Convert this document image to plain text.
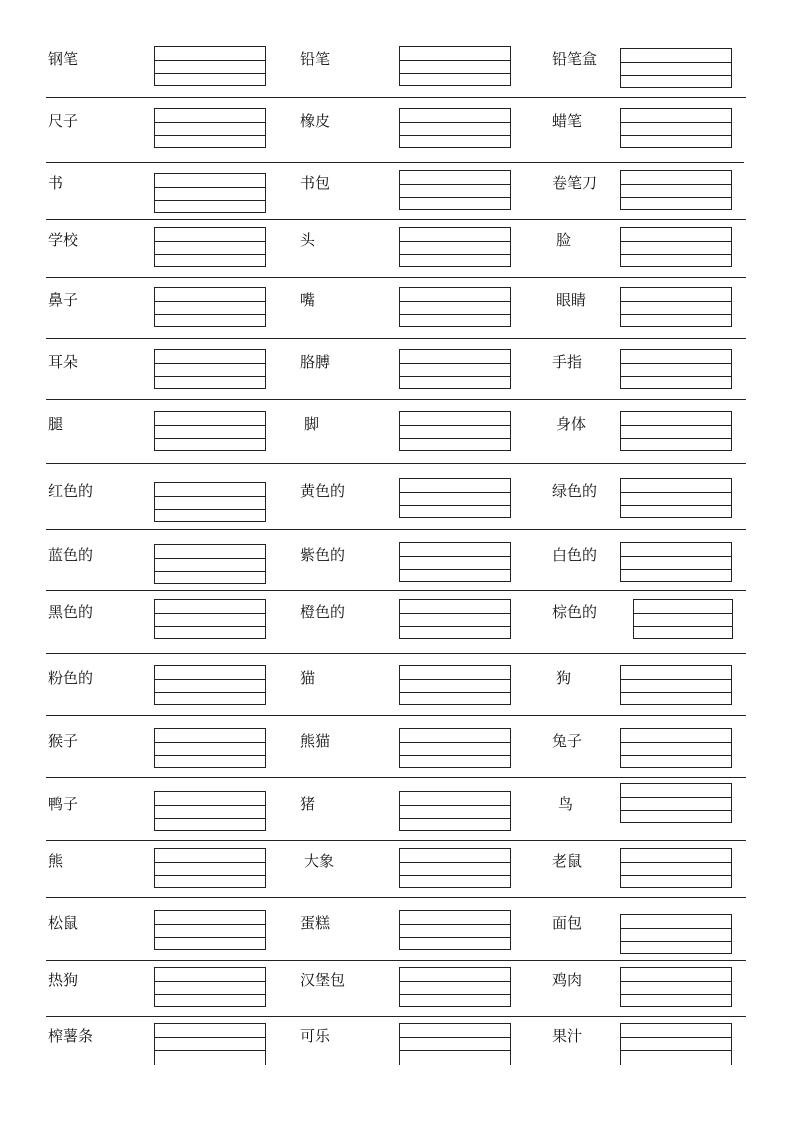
钢笔	铅笔	铅笔盒
尺子	橡皮	蜡笔
书	书包	卷笔刀
学校	头	脸
鼻子	嘴	眼睛
耳朵	胳膊	手指
腿	脚	身体
红色的	黄色的	绿色的
蓝色的	紫色的	白色的
黑色的	橙色的	棕色的
粉色的	猫	狗
猴子	熊猫	兔子
鸭子	猪	鸟
熊	大象	老鼠
松鼠	蛋糕	面包
热狗	汉堡包	鸡肉
榨薯条	可乐	果汁
